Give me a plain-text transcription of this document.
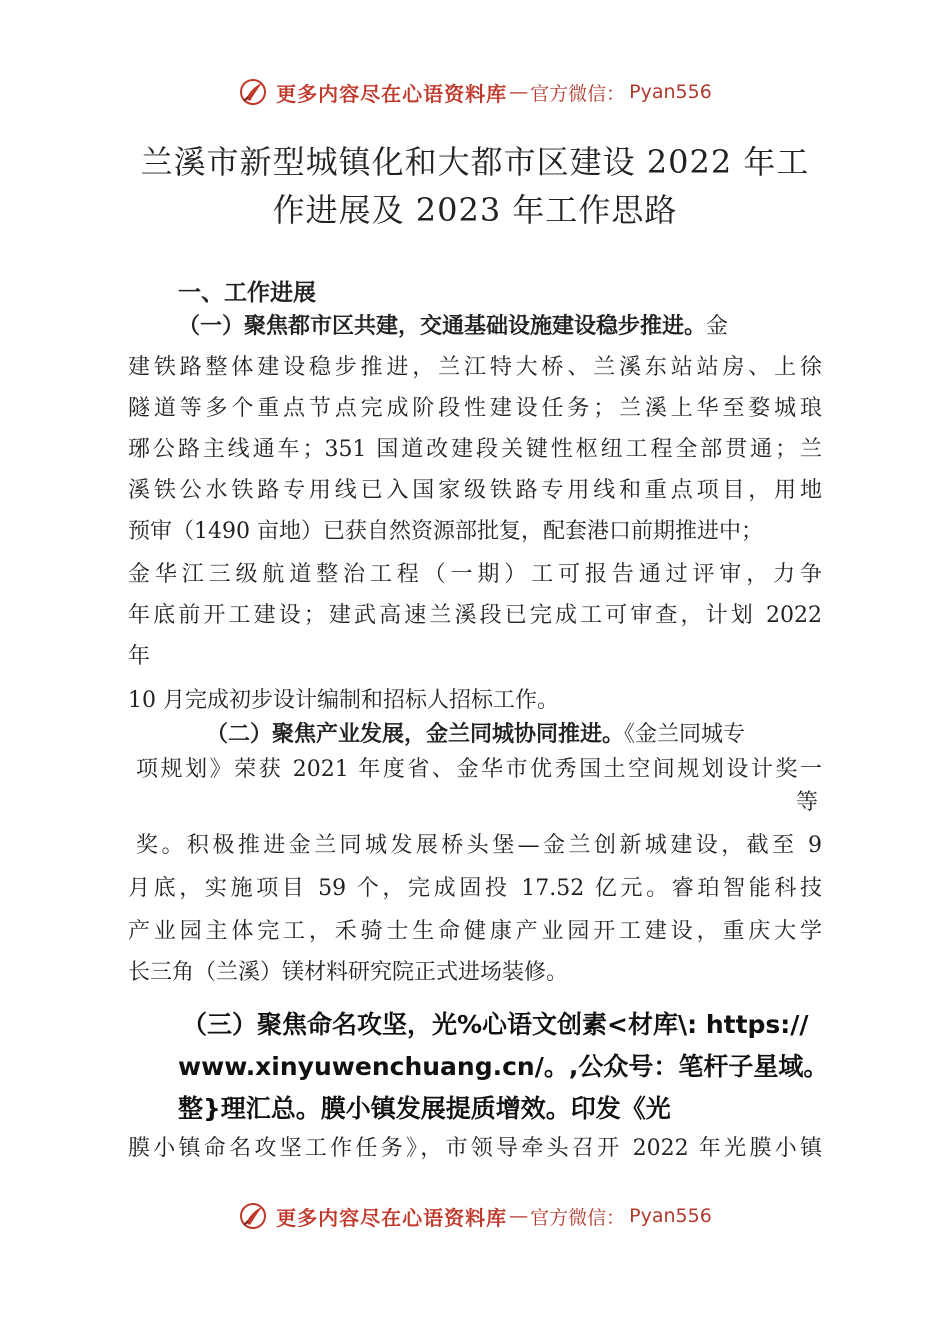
更多内容尽在心语资料库 — 官方微信： Pyan556
兰溪市新型城镇化和大都市区建设 2022 年工
作进展及 2023 年工作思路
一、工作进展
（一）聚焦都市区共建，交通基础设施建设稳步推进。金
建铁路整体建设稳步推进，兰江特大桥、兰溪东站站房、上徐
隧道等多个重点节点完成阶段性建设任务；兰溪上华至婺城琅
琊公路主线通车；351 国道改建段关键性枢纽工程全部贯通；兰
溪铁公水铁路专用线已入国家级铁路专用线和重点项目，用地
预审（1490 亩地）已获自然资源部批复，配套港口前期推进中；
金华江三级航道整治工程（一期）工可报告通过评审，力争
年底前开工建设；建武高速兰溪段已完成工可审查，计划 2022
年
10 月完成初步设计编制和招标人招标工作。
（二）聚焦产业发展，金兰同城协同推进。《金兰同城专
项规划》荣获 2021 年度省、金华市优秀国土空间规划设计奖一
等
奖。积极推进金兰同城发展桥头堡—金兰创新城建设，截至 9
月底，实施项目 59 个，完成固投 17.52 亿元。睿珀智能科技
产业园主体完工，禾骑士生命健康产业园开工建设，重庆大学
长三角（兰溪）镁材料研究院正式进场装修。
（三）聚焦命名攻坚，光%心语文创素<材库\: https://
www.xinyuwenchuang.cn/。,公众号：笔杆子星域。
整}理汇总。膜小镇发展提质增效。印发《光
膜小镇命名攻坚工作任务》，市领导牵头召开 2022 年光膜小镇
更多内容尽在心语资料库 — 官方微信： Pyan556
